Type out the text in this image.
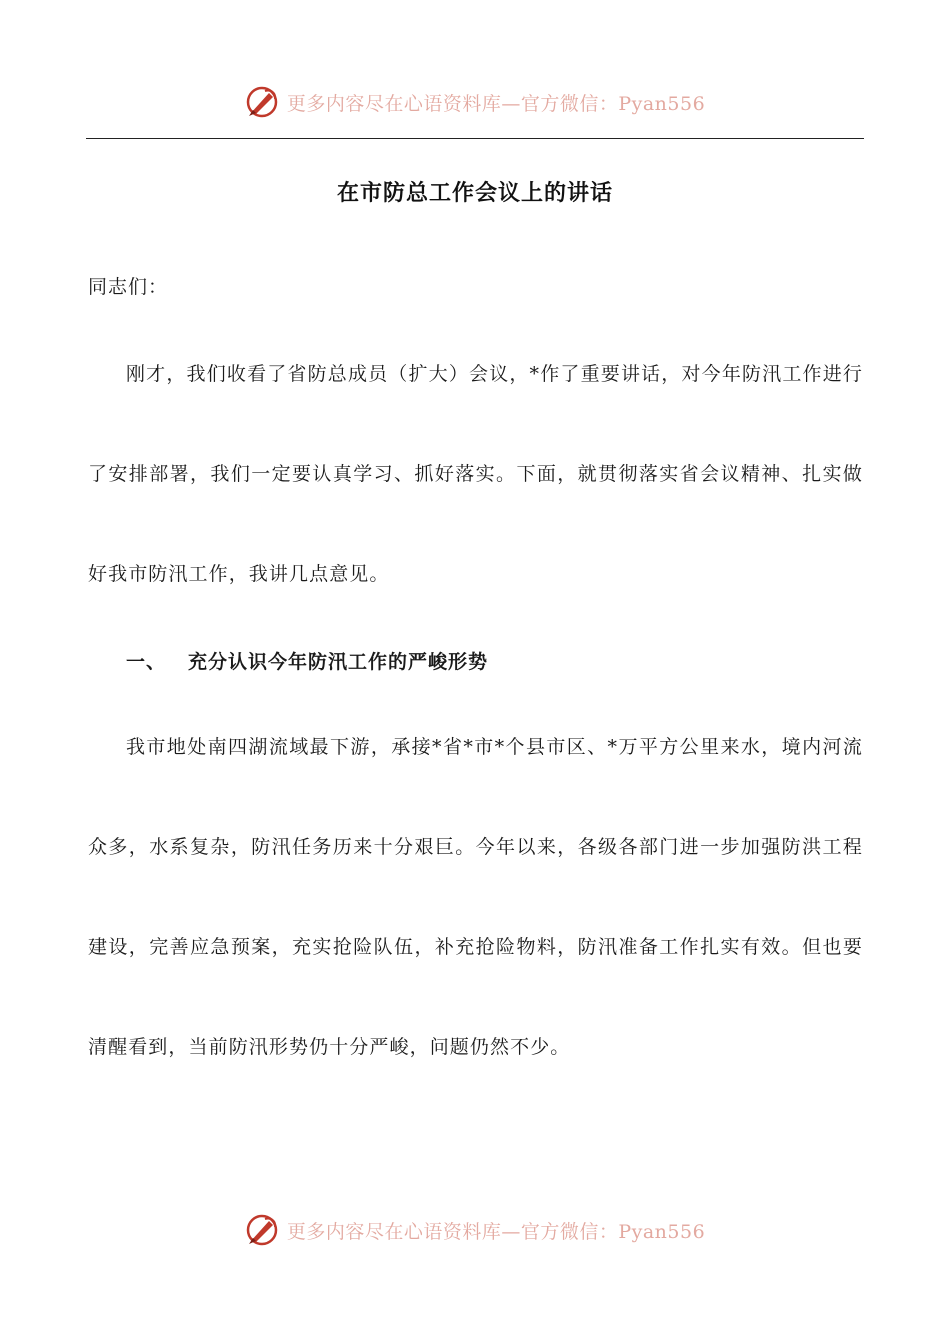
更多内容尽在心语资料库—官方微信：Pyan556
在市防总工作会议上的讲话
同志们：
刚才，我们收看了省防总成员（扩大）会议，*作了重要讲话，对今年防汛工作进行了安排部署，我们一定要认真学习、抓好落实。下面，就贯彻落实省会议精神、扎实做好我市防汛工作，我讲几点意见。
一、 充分认识今年防汛工作的严峻形势
我市地处南四湖流域最下游，承接*省*市*个县市区、*万平方公里来水，境内河流众多，水系复杂，防汛任务历来十分艰巨。今年以来，各级各部门进一步加强防洪工程建设，完善应急预案，充实抢险队伍，补充抢险物料，防汛准备工作扎实有效。但也要清醒看到，当前防汛形势仍十分严峻，问题仍然不少。
更多内容尽在心语资料库—官方微信：Pyan556
